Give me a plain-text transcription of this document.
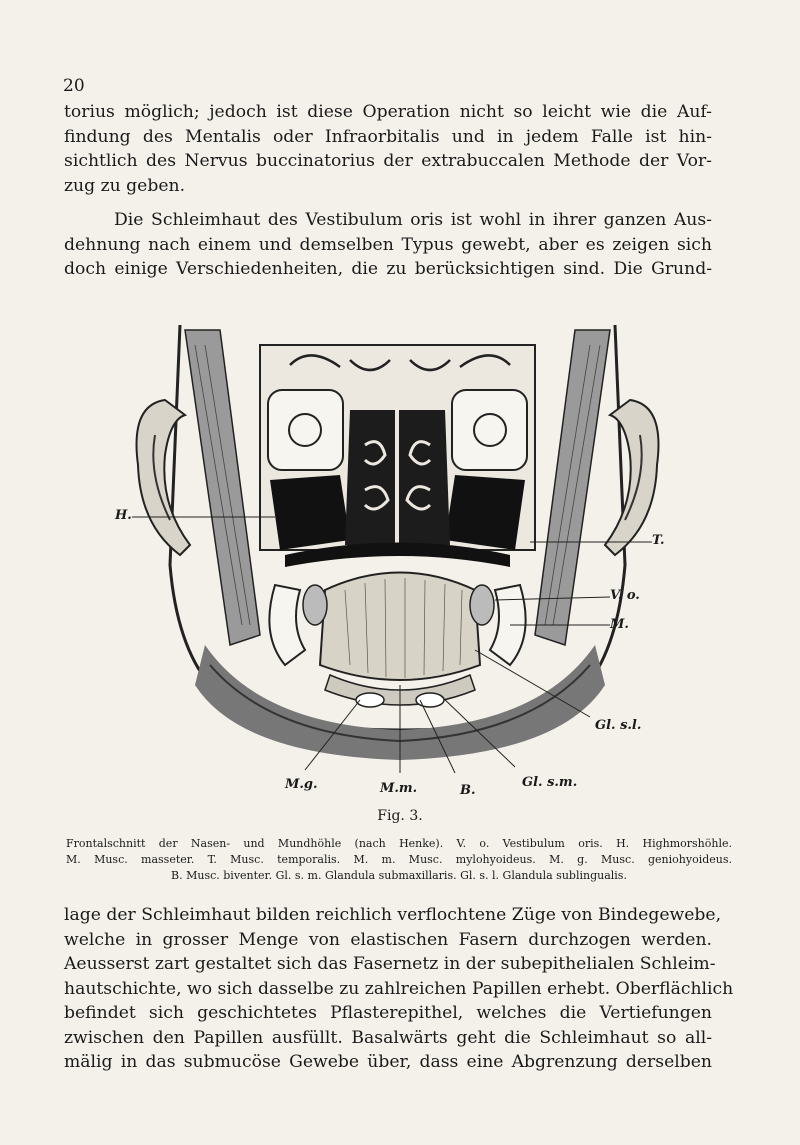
20
torius möglich; jedoch ist diese Operation nicht so leicht wie die Auf-
findung des Mentalis oder Infraorbitalis und in jedem Falle ist hin-
sichtlich des Nervus buccinatorius der extrabuccalen Methode der Vor-
zug zu geben.
Die Schleimhaut des Vestibulum oris ist wohl in ihrer ganzen Aus-
dehnung nach einem und demselben Typus gewebt, aber es zeigen sich
doch einige Verschiedenheiten, die zu berücksichtigen sind. Die Grund-
H.
T.
V. o.
M.
Gl. s.l.
M.g.	M.m.	B.
Gl. s.m.
Fig. 3.
Frontalschnitt der Nasen- und Mundhöhle (nach Henke). V. o. Vestibulum oris. H. Highmorshöhle.
M. Musc. masseter. T. Musc. temporalis. M. m. Musc. mylohyoideus. M. g. Musc. geniohyoideus.
B. Musc. biventer. Gl. s. m. Glandula submaxillaris. Gl. s. l. Glandula sublingualis.
lage der Schleimhaut bilden reichlich verflochtene Züge von Bindegewebe,
welche in grosser Menge von elastischen Fasern durchzogen werden.
Aeusserst zart gestaltet sich das Fasernetz in der subepithelialen Schleim-
hautschichte, wo sich dasselbe zu zahlreichen Papillen erhebt. Oberflächlich
befindet sich geschichtetes Pflasterepithel, welches die Vertiefungen
zwischen den Papillen ausfüllt. Basalwärts geht die Schleimhaut so all-
mälig in das submucöse Gewebe über, dass eine Abgrenzung derselben
